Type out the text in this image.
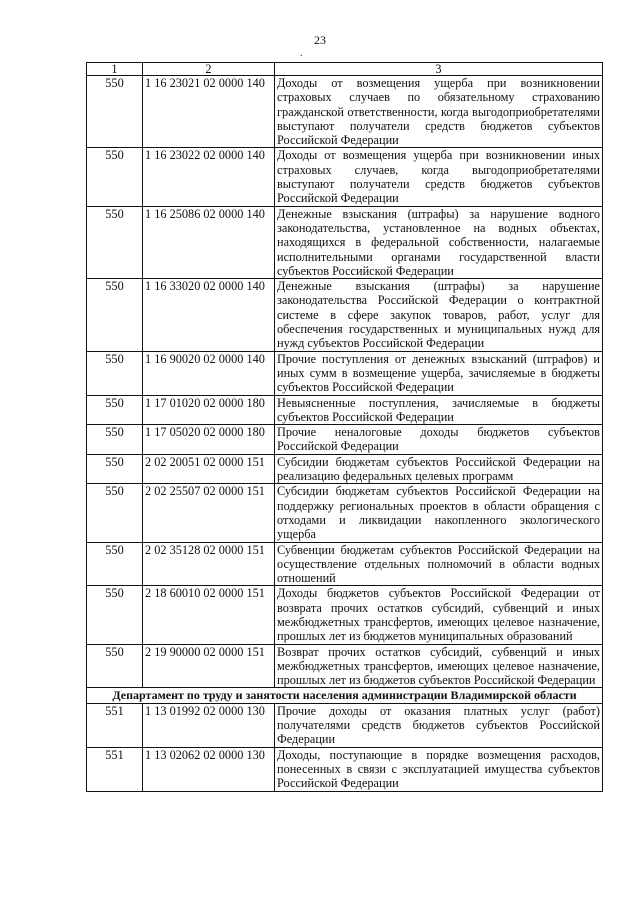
23
.
1	2	3
550	1 16 23021 02 0000 140	Доходы от возмещения ущерба при возникновении страховых случаев по обязательному страхованию гражданской ответственности, когда выгодоприобретателями выступают получатели средств бюджетов субъектов Российской Федерации
550	1 16 23022 02 0000 140	Доходы от возмещения ущерба при возникновении иных страховых случаев, когда выгодоприобретателями выступают получатели средств бюджетов субъектов Российской Федерации
550	1 16 25086 02 0000 140	Денежные взыскания (штрафы) за нарушение водного законодательства, установленное на водных объектах, находящихся в федеральной собственности, налагаемые исполнительными органами государственной власти субъектов Российской Федерации
550	1 16 33020 02 0000 140	Денежные взыскания (штрафы) за нарушение законодательства Российской Федерации о контрактной системе в сфере закупок товаров, работ, услуг для обеспечения государственных и муниципальных нужд для нужд субъектов Российской Федерации
550	1 16 90020 02 0000 140	Прочие поступления от денежных взысканий (штрафов) и иных сумм в возмещение ущерба, зачисляемые в бюджеты субъектов Российской Федерации
550	1 17 01020 02 0000 180	Невыясненные поступления, зачисляемые в бюджеты субъектов Российской Федерации
550	1 17 05020 02 0000 180	Прочие неналоговые доходы бюджетов субъектов Российской Федерации
550	2 02 20051 02 0000 151	Субсидии бюджетам субъектов Российской Федерации на реализацию федеральных целевых программ
550	2 02 25507 02 0000 151	Субсидии бюджетам субъектов Российской Федерации на поддержку региональных проектов в области обращения с отходами и ликвидации накопленного экологического ущерба
550	2 02 35128 02 0000 151	Субвенции бюджетам субъектов Российской Федерации на осуществление отдельных полномочий в области водных отношений
550	2 18 60010 02 0000 151	Доходы бюджетов субъектов Российской Федерации от возврата прочих остатков субсидий, субвенций и иных межбюджетных трансфертов, имеющих целевое назначение, прошлых лет из бюджетов муниципальных образований
550	2 19 90000 02 0000 151	Возврат прочих остатков субсидий, субвенций и иных межбюджетных трансфертов, имеющих целевое назначение, прошлых лет из бюджетов субъектов Российской Федерации
Департамент по труду и занятости населения администрации Владимирской области		
551	1 13 01992 02 0000 130	Прочие доходы от оказания платных услуг (работ) получателями средств бюджетов субъектов Российской Федерации
551	1 13 02062 02 0000 130	Доходы, поступающие в порядке возмещения расходов, понесенных в связи с эксплуатацией имущества субъектов Российской Федерации
